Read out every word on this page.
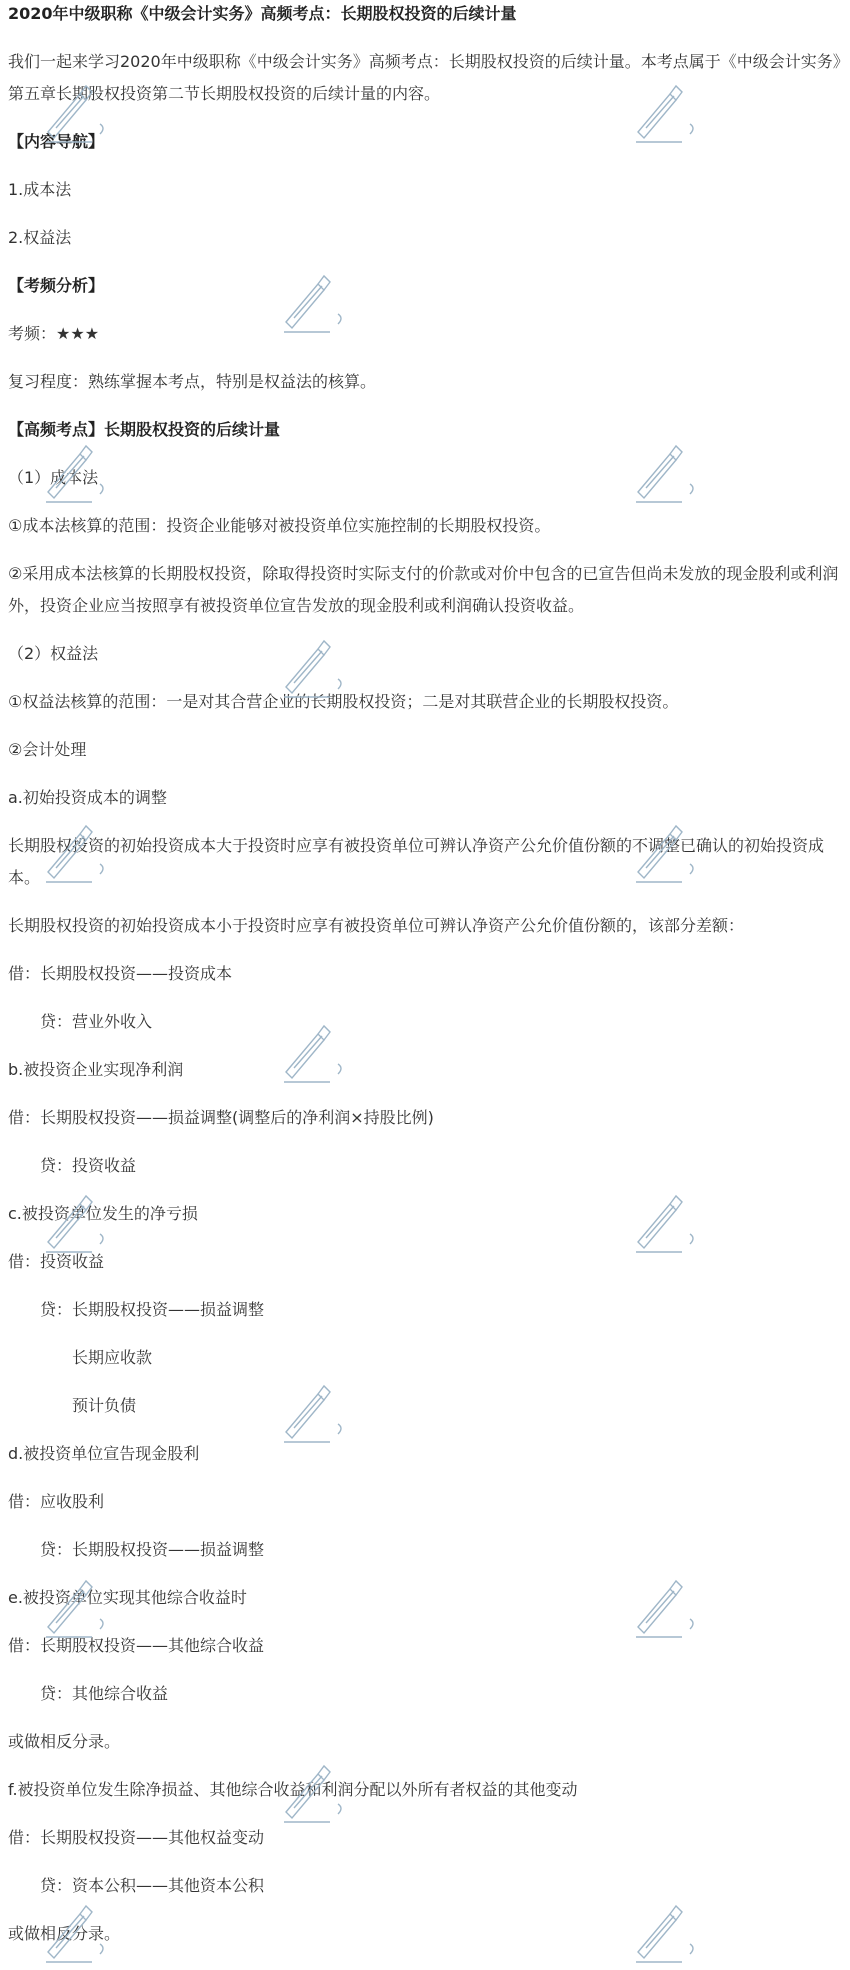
2020年中级职称《中级会计实务》高频考点：长期股权投资的后续计量
我们一起来学习2020年中级职称《中级会计实务》高频考点：长期股权投资的后续计量。本考点属于《中级会计实务》
第五章长期股权投资第二节长期股权投资的后续计量的内容。
【内容导航】
1.成本法
2.权益法
【考频分析】
考频：★★★
复习程度：熟练掌握本考点，特别是权益法的核算。
【高频考点】长期股权投资的后续计量
（1）成本法
①成本法核算的范围：投资企业能够对被投资单位实施控制的长期股权投资。
②采用成本法核算的长期股权投资，除取得投资时实际支付的价款或对价中包含的已宣告但尚未发放的现金股利或利润
外，投资企业应当按照享有被投资单位宣告发放的现金股利或利润确认投资收益。
（2）权益法
①权益法核算的范围：一是对其合营企业的长期股权投资；二是对其联营企业的长期股权投资。
②会计处理
a.初始投资成本的调整
长期股权投资的初始投资成本大于投资时应享有被投资单位可辨认净资产公允价值份额的不调整已确认的初始投资成
本。
长期股权投资的初始投资成本小于投资时应享有被投资单位可辨认净资产公允价值份额的，该部分差额：
借：长期股权投资——投资成本
贷：营业外收入
b.被投资企业实现净利润
借：长期股权投资——损益调整(调整后的净利润×持股比例)
贷：投资收益
c.被投资单位发生的净亏损
借：投资收益
贷：长期股权投资——损益调整
长期应收款
预计负债
d.被投资单位宣告现金股利
借：应收股利
贷：长期股权投资——损益调整
e.被投资单位实现其他综合收益时
借：长期股权投资——其他综合收益
贷：其他综合收益
或做相反分录。
f.被投资单位发生除净损益、其他综合收益和利润分配以外所有者权益的其他变动
借：长期股权投资——其他权益变动
贷：资本公积——其他资本公积
或做相反分录。
